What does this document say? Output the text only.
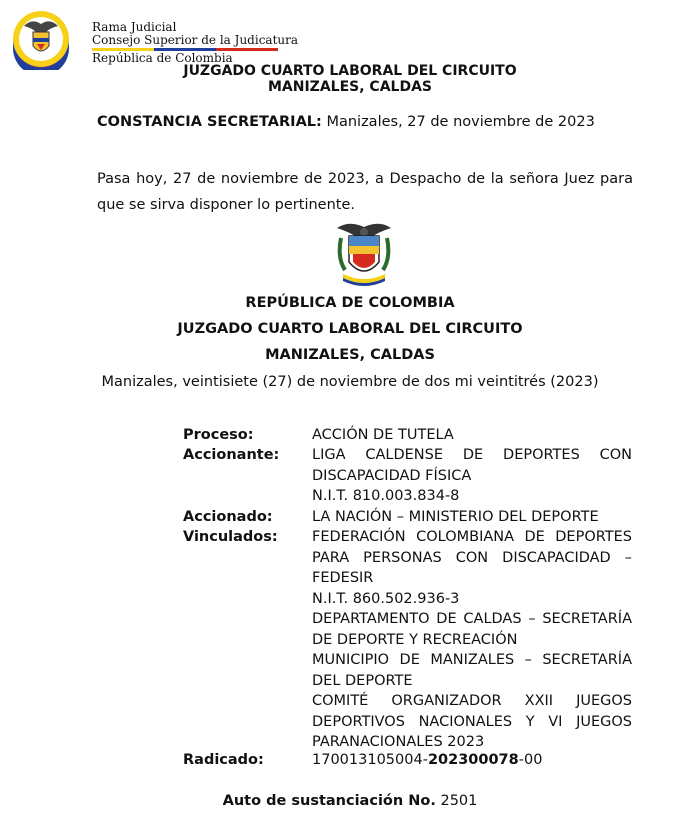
Rama Judicial
Consejo Superior de la Judicatura
República de Colombia
JUZGADO CUARTO LABORAL DEL CIRCUITO
MANIZALES, CALDAS
CONSTANCIA SECRETARIAL: Manizales, 27 de noviembre de 2023
Pasa hoy, 27 de noviembre de 2023, a Despacho de la señora Juez para
que se sirva disponer lo pertinente.
REPÚBLICA DE COLOMBIA
JUZGADO CUARTO LABORAL DEL CIRCUITO
MANIZALES, CALDAS
Manizales, veintisiete (27) de noviembre de dos mi veintitrés (2023)
Proceso:	ACCIÓN DE TUTELA
Accionante: LIGA CALDENSE DE DEPORTES CON
DISCAPACIDAD FÍSICA
N.I.T. 810.003.834-8
Accionado:	LA NACIÓN – MINISTERIO DEL DEPORTE
Vinculados: FEDERACIÓN COLOMBIANA DE DEPORTES
PARA PERSONAS CON DISCAPACIDAD –
FEDESIR
N.I.T. 860.502.936-3
DEPARTAMENTO DE CALDAS – SECRETARÍA
DE DEPORTE Y RECREACIÓN
MUNICIPIO DE MANIZALES – SECRETARÍA
DEL DEPORTE
COMITÉ ORGANIZADOR XXII JUEGOS
DEPORTIVOS NACIONALES Y VI JUEGOS
PARANACIONALES 2023
Radicado:	170013105004-202300078-00
Auto de sustanciación No. 2501
